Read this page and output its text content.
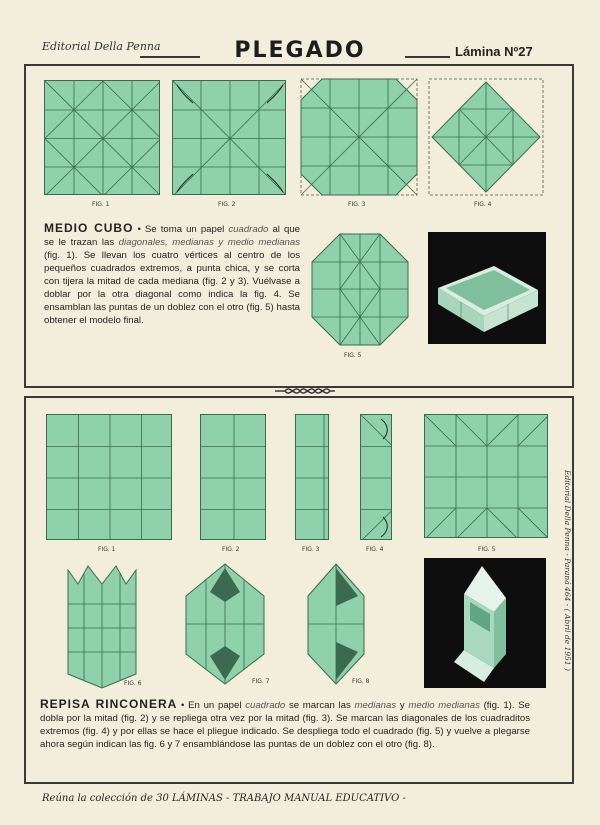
Editorial Della Penna	PLEGADO	Lámina Nº27
FIG. 1	FIG. 2	FIG. 3	FIG. 4
MEDIO CUBO • Se toma un papel cuadrado al que se le trazan las diagonales, medianas y medio medianas (fig. 1). Se llevan los cuatro vértices al centro de los pequeños cuadrados extremos, a punta chica, y se corta con tijera la mitad de cada mediana (fig. 2 y 3). Vuélvase a doblar por la otra diagonal como indica la fig. 4. Se ensamblan las puntas de un doblez con el otro (fig. 5) hasta obtener el modelo final.
FIG. 5
FIG. 1	FIG. 2	FIG. 3	FIG. 4	FIG. 5
FIG. 6	FIG. 7	FIG. 8
REPISA RINCONERA • En un papel cuadrado se marcan las medianas y medio medianas (fig. 1). Se dobla por la mitad (fig. 2) y se repliega otra vez por la mitad (fig. 3). Se marcan las diagonales de los cuadraditos extremos (fig. 4) y por ellas se hace el pliegue indicado. Se despliega todo el cuadrado (fig. 5) y vuelve a plegarse ahora según indican las fig. 6 y 7 ensamblándose las puntas de un doblez con el otro (fig. 8).
Editorial Della Penna - Paraná 464 - ( Abril de 1951 )
Reúna la colección de 30 LÁMINAS - TRABAJO MANUAL EDUCATIVO -
